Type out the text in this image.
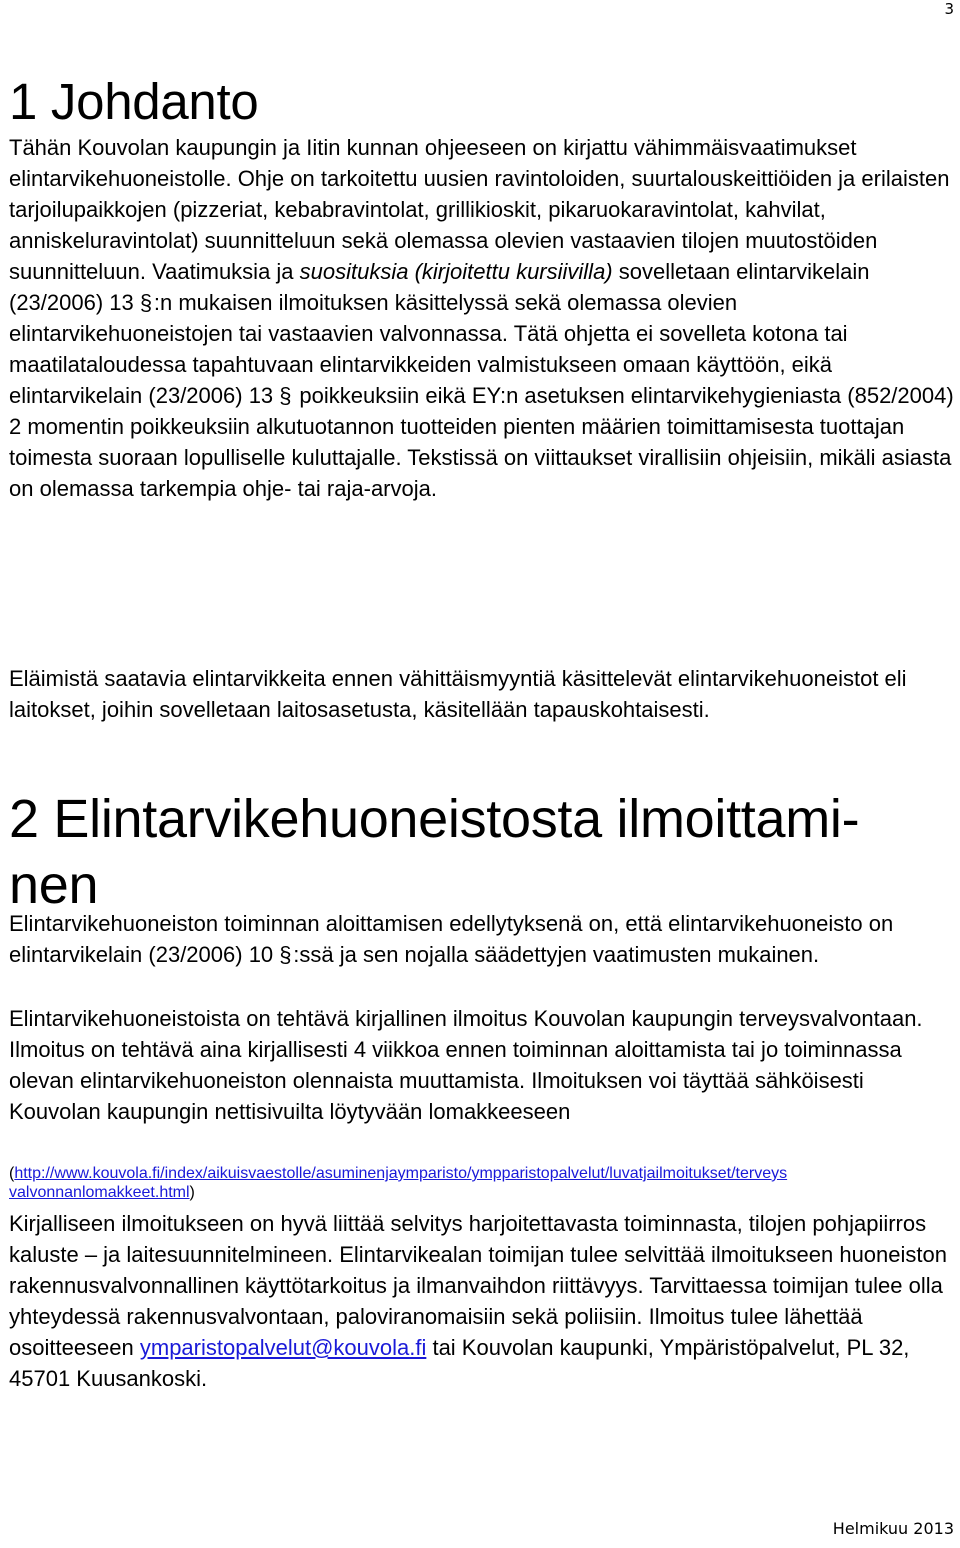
3
1 Johdanto

Tähän Kouvolan kaupungin ja Iitin kunnan ohjeeseen on kirjattu vähimmäisvaatimukset elintarvikehuoneistolle. Ohje on tarkoitettu uusien ravintoloiden, suurtalouskeittiöiden ja erilaisten tarjoilupaikkojen (pizzeriat, kebabravintolat, grillikioskit, pikaruokaravintolat, kahvilat, anniskeluravintolat) suunnitteluun sekä olemassa olevien vastaavien tilojen muutostöiden suunnitteluun. Vaatimuksia ja suosituksia (kirjoitettu kursiivilla) sovelletaan elintarvikelain (23/2006) 13 §:n mukaisen ilmoituksen käsittelyssä sekä olemassa olevien elintarvikehuoneistojen tai vastaavien valvonnassa. Tätä ohjetta ei sovelleta kotona tai maatilataloudessa tapahtuvaan elintarvikkeiden valmistukseen omaan käyttöön, eikä elintarvikelain (23/2006) 13 § poikkeuksiin eikä EY:n asetuksen elintarvikehygieniasta (852/2004) 2 momentin poikkeuksiin alkutuotannon tuotteiden pienten määrien toimittamisesta tuottajan toimesta suoraan lopulliselle kuluttajalle. Tekstissä on viittaukset virallisiin ohjeisiin, mikäli asiasta on olemassa tarkempia ohje- tai raja-arvoja.

Eläimistä saatavia elintarvikkeita ennen vähittäismyyntiä käsittelevät elintarvikehuoneistot eli laitokset, joihin sovelletaan laitosasetusta, käsitellään tapauskohtaisesti.

2 Elintarvikehuoneistosta ilmoittami- nen

Elintarvikehuoneiston toiminnan aloittamisen edellytyksenä on, että elintarvikehuoneisto on elintarvikelain (23/2006) 10 §:ssä ja sen nojalla säädettyjen vaatimusten mukainen.

Elintarvikehuoneistoista on tehtävä kirjallinen ilmoitus Kouvolan kaupungin terveysvalvontaan. Ilmoitus on tehtävä aina kirjallisesti 4 viikkoa ennen toiminnan aloittamista tai jo toiminnassa olevan elintarvikehuoneiston olennaista muuttamista. Ilmoituksen voi täyttää sähköisesti Kouvolan kaupungin nettisivuilta löytyvään lomakkeeseen

(http://www.kouvola.fi/index/aikuisvaestolle/asuminenjaymparisto/ympparistopalvelut/luvatjailmoitukset/terveys
valvonnanlomakkeet.html)

Kirjalliseen ilmoitukseen on hyvä liittää selvitys harjoitettavasta toiminnasta, tilojen pohjapiirros kaluste – ja laitesuunnitelmineen. Elintarvikealan toimijan tulee selvittää ilmoitukseen huoneiston rakennusvalvonnallinen käyttötarkoitus ja ilmanvaihdon riittävyys. Tarvittaessa toimijan tulee olla yhteydessä rakennusvalvontaan, paloviranomaisiin sekä poliisiin. Ilmoitus tulee lähettää osoitteeseen ymparistopalvelut@kouvola.fi tai Kouvolan kaupunki, Ympäristöpalvelut, PL 32, 45701 Kuusankoski.

Helmikuu 2013
